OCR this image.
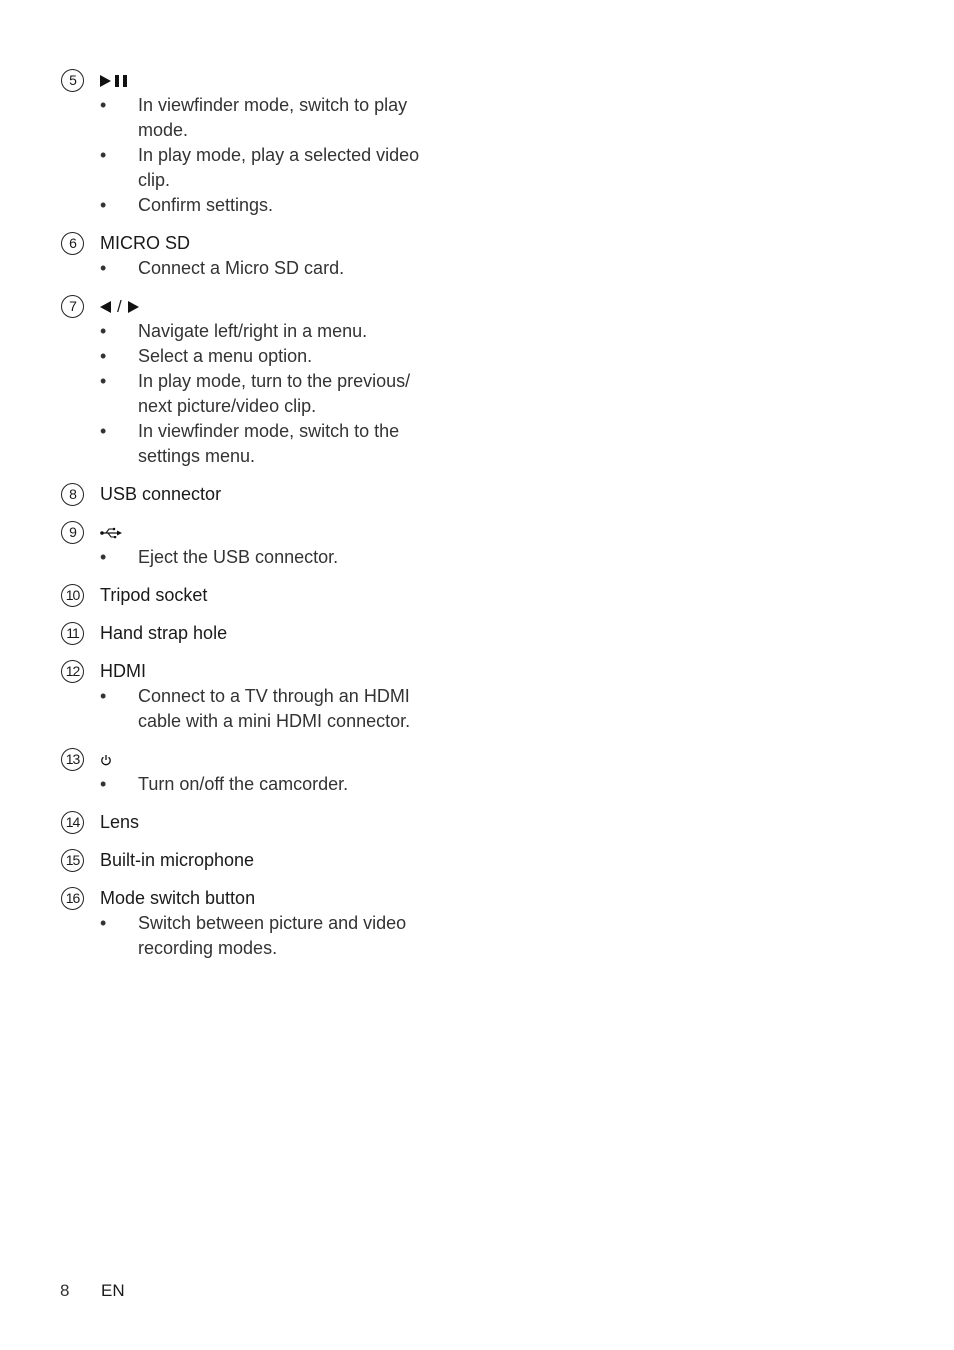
5
• In viewfinder mode, switch to play mode.
• In play mode, play a selected video clip.
• Confirm settings.
6	MICRO SD
• Connect a Micro SD card.
7	/
• Navigate left/right in a menu.
• Select a menu option.
• In play mode, turn to the previous/ next picture/video clip.
• In viewfinder mode, switch to the settings menu.
8	USB connector
9
• Eject the USB connector.
10 Tripod socket
11 Hand strap hole
12 HDMI
• Connect to a TV through an HDMI cable with a mini HDMI connector.
13
• Turn on/off the camcorder.
14 Lens
15 Built-in microphone
16 Mode switch button
• Switch between picture and video recording modes.
8 EN
